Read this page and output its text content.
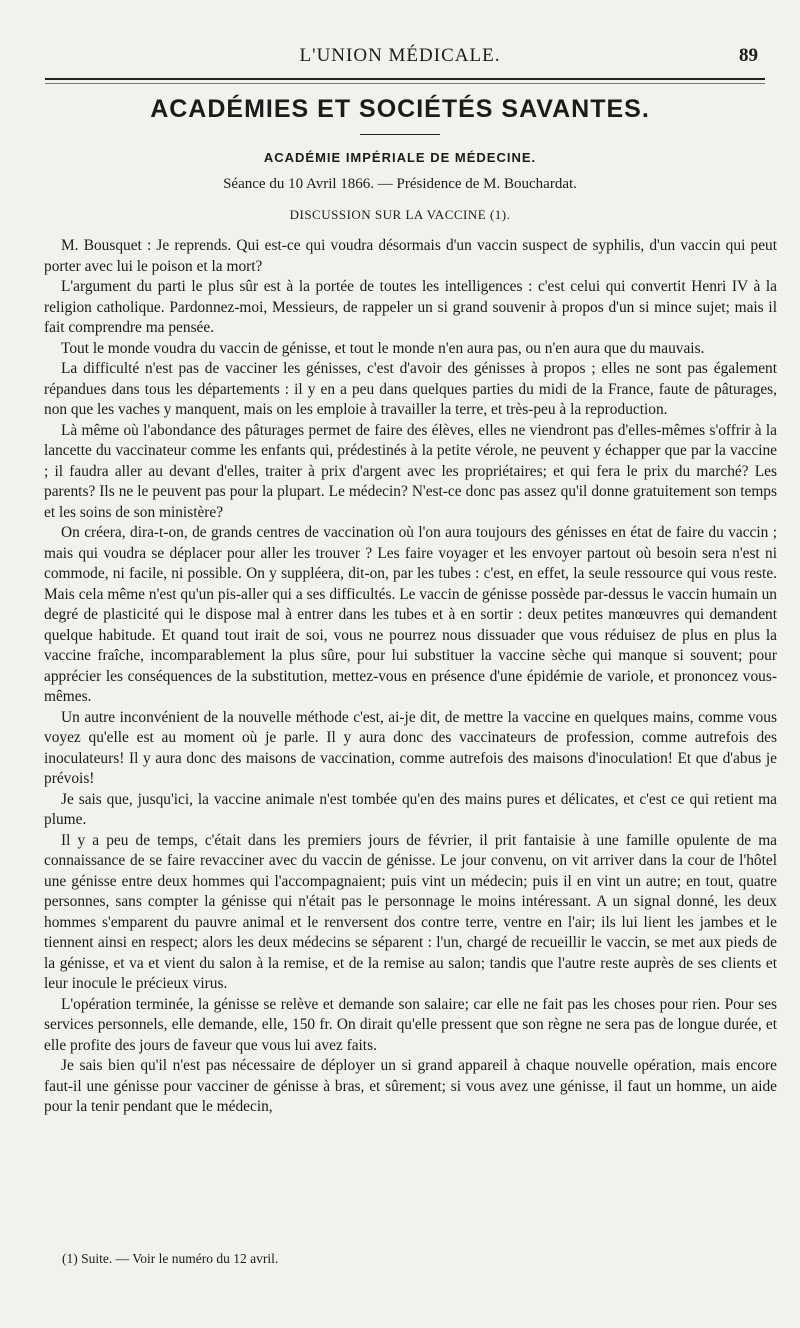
L'UNION MÉDICALE.	89
ACADÉMIES ET SOCIÉTÉS SAVANTES.
ACADÉMIE IMPÉRIALE DE MÉDECINE.
Séance du 10 Avril 1866. — Présidence de M. Bouchardat.
DISCUSSION SUR LA VACCINE (1).

M. Bousquet : Je reprends. Qui est-ce qui voudra désormais d'un vaccin suspect de syphilis, d'un vaccin qui peut porter avec lui le poison et la mort?

L'argument du parti le plus sûr est à la portée de toutes les intelligences : c'est celui qui convertit Henri IV à la religion catholique. Pardonnez-moi, Messieurs, de rappeler un si grand souvenir à propos d'un si mince sujet; mais il fait comprendre ma pensée.

Tout le monde voudra du vaccin de génisse, et tout le monde n'en aura pas, ou n'en aura que du mauvais.

La difficulté n'est pas de vacciner les génisses, c'est d'avoir des génisses à propos ; elles ne sont pas également répandues dans tous les départements : il y en a peu dans quelques parties du midi de la France, faute de pâturages, non que les vaches y manquent, mais on les emploie à travailler la terre, et très-peu à la reproduction.

Là même où l'abondance des pâturages permet de faire des élèves, elles ne viendront pas d'elles-mêmes s'offrir à la lancette du vaccinateur comme les enfants qui, prédestinés à la petite vérole, ne peuvent y échapper que par la vaccine ; il faudra aller au devant d'elles, traiter à prix d'argent avec les propriétaires; et qui fera le prix du marché? Les parents? Ils ne le peuvent pas pour la plupart. Le médecin? N'est-ce donc pas assez qu'il donne gratuitement son temps et les soins de son ministère?

On créera, dira-t-on, de grands centres de vaccination où l'on aura toujours des génisses en état de faire du vaccin ; mais qui voudra se déplacer pour aller les trouver ? Les faire voyager et les envoyer partout où besoin sera n'est ni commode, ni facile, ni possible. On y suppléera, dit-on, par les tubes : c'est, en effet, la seule ressource qui vous reste. Mais cela même n'est qu'un pis-aller qui a ses difficultés. Le vaccin de génisse possède par-dessus le vaccin humain un degré de plasticité qui le dispose mal à entrer dans les tubes et à en sortir : deux petites manœuvres qui demandent quelque habitude. Et quand tout irait de soi, vous ne pourrez nous dissuader que vous réduisez de plus en plus la vaccine fraîche, incomparablement la plus sûre, pour lui substituer la vaccine sèche qui manque si souvent; pour apprécier les conséquences de la substitution, mettez-vous en présence d'une épidémie de variole, et prononcez vous-mêmes.

Un autre inconvénient de la nouvelle méthode c'est, ai-je dit, de mettre la vaccine en quelques mains, comme vous voyez qu'elle est au moment où je parle. Il y aura donc des vaccinateurs de profession, comme autrefois des inoculateurs! Il y aura donc des maisons de vaccination, comme autrefois des maisons d'inoculation! Et que d'abus je prévois!

Je sais que, jusqu'ici, la vaccine animale n'est tombée qu'en des mains pures et délicates, et c'est ce qui retient ma plume.

Il y a peu de temps, c'était dans les premiers jours de février, il prit fantaisie à une famille opulente de ma connaissance de se faire revacciner avec du vaccin de génisse. Le jour convenu, on vit arriver dans la cour de l'hôtel une génisse entre deux hommes qui l'accompagnaient; puis vint un médecin; puis il en vint un autre; en tout, quatre personnes, sans compter la génisse qui n'était pas le personnage le moins intéressant. A un signal donné, les deux hommes s'emparent du pauvre animal et le renversent dos contre terre, ventre en l'air; ils lui lient les jambes et le tiennent ainsi en respect; alors les deux médecins se séparent : l'un, chargé de recueillir le vaccin, se met aux pieds de la génisse, et va et vient du salon à la remise, et de la remise au salon; tandis que l'autre reste auprès de ses clients et leur inocule le précieux virus.

L'opération terminée, la génisse se relève et demande son salaire; car elle ne fait pas les choses pour rien. Pour ses services personnels, elle demande, elle, 150 fr. On dirait qu'elle pressent que son règne ne sera pas de longue durée, et elle profite des jours de faveur que vous lui avez faits.

Je sais bien qu'il n'est pas nécessaire de déployer un si grand appareil à chaque nouvelle opération, mais encore faut-il une génisse pour vacciner de génisse à bras, et sûrement; si vous avez une génisse, il faut un homme, un aide pour la tenir pendant que le médecin,

(1) Suite. — Voir le numéro du 12 avril.
